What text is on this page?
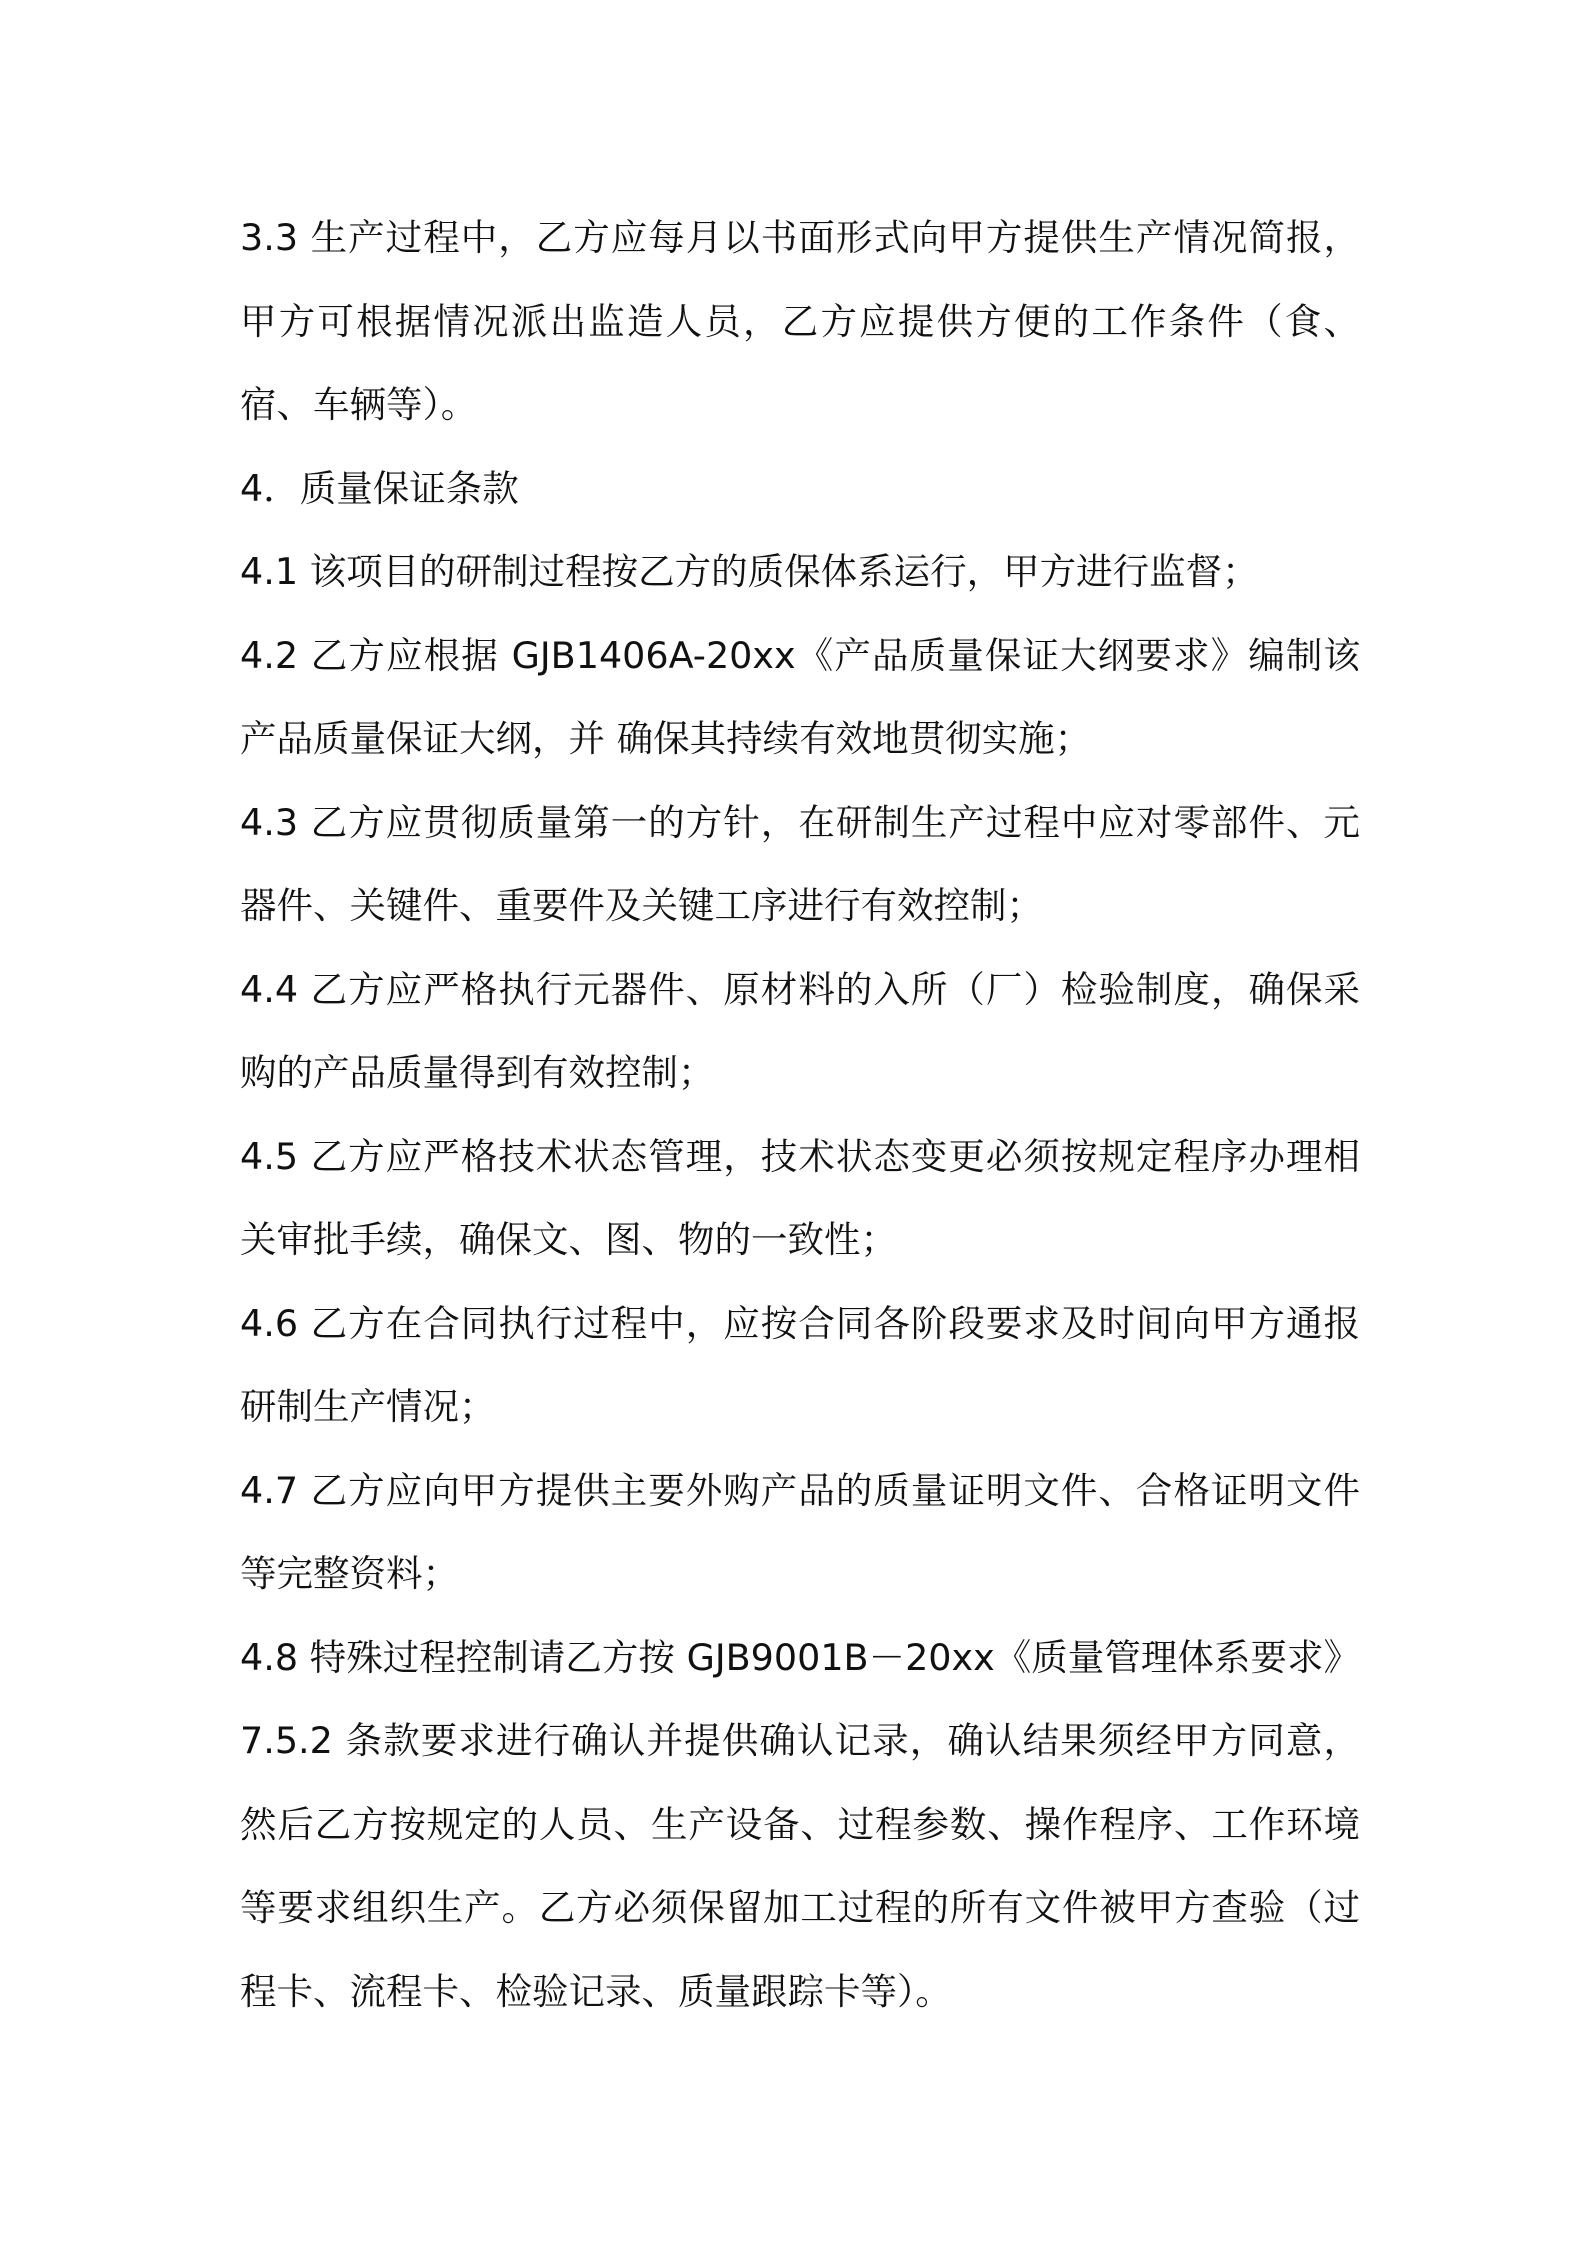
3.3 生产过程中，乙方应每月以书面形式向甲方提供生产情况简报，甲方可根据情况派出监造人员，乙方应提供方便的工作条件（食、宿、车辆等）。

4．质量保证条款

4.1 该项目的研制过程按乙方的质保体系运行，甲方进行监督；

4.2 乙方应根据 GJB1406A-20xx《产品质量保证大纲要求》编制该产品质量保证大纲，并 确保其持续有效地贯彻实施；

4.3 乙方应贯彻质量第一的方针，在研制生产过程中应对零部件、元器件、关键件、重要件及关键工序进行有效控制；

4.4 乙方应严格执行元器件、原材料的入所（厂）检验制度，确保采购的产品质量得到有效控制；

4.5 乙方应严格技术状态管理，技术状态变更必须按规定程序办理相关审批手续，确保文、图、物的一致性；

4.6 乙方在合同执行过程中，应按合同各阶段要求及时间向甲方通报研制生产情况；

4.7 乙方应向甲方提供主要外购产品的质量证明文件、合格证明文件等完整资料；

4.8 特殊过程控制请乙方按 GJB9001B－20xx《质量管理体系要求》7.5.2 条款要求进行确认并提供确认记录，确认结果须经甲方同意，然后乙方按规定的人员、生产设备、过程参数、操作程序、工作环境等要求组织生产。乙方必须保留加工过程的所有文件被甲方查验（过程卡、流程卡、检验记录、质量跟踪卡等）。
